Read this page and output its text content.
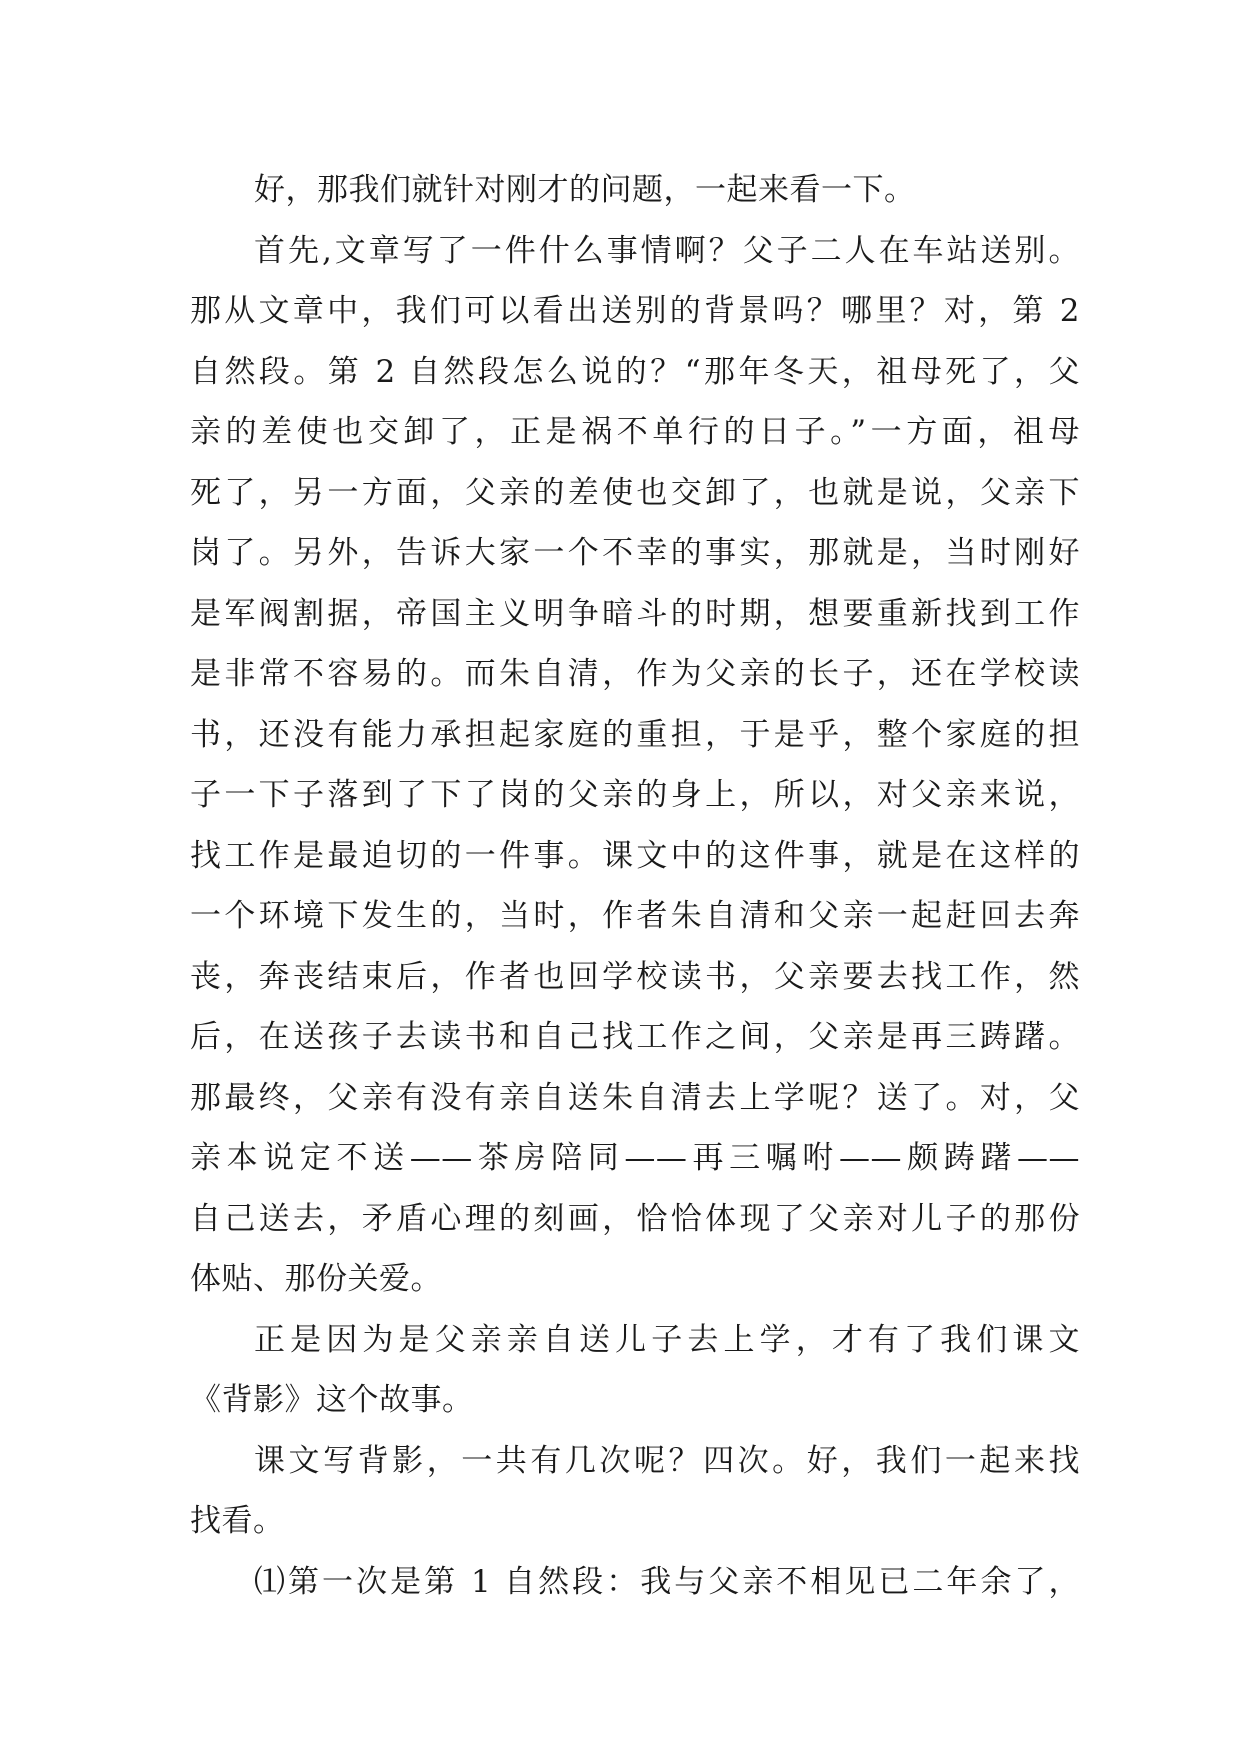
好，那我们就针对刚才的问题，一起来看一下。
首先,文章写了一件什么事情啊？父子二人在车站送别。
那从文章中，我们可以看出送别的背景吗？哪里？对，第 2
自然段。第 2 自然段怎么说的？“那年冬天，祖母死了，父
亲的差使也交卸了，正是祸不单行的日子。”一方面，祖母
死了，另一方面，父亲的差使也交卸了，也就是说，父亲下
岗了。另外，告诉大家一个不幸的事实，那就是，当时刚好
是军阀割据，帝国主义明争暗斗的时期，想要重新找到工作
是非常不容易的。而朱自清，作为父亲的长子，还在学校读
书，还没有能力承担起家庭的重担，于是乎，整个家庭的担
子一下子落到了下了岗的父亲的身上，所以，对父亲来说，
找工作是最迫切的一件事。课文中的这件事，就是在这样的
一个环境下发生的，当时，作者朱自清和父亲一起赶回去奔
丧，奔丧结束后，作者也回学校读书，父亲要去找工作，然
后，在送孩子去读书和自己找工作之间，父亲是再三踌躇。
那最终，父亲有没有亲自送朱自清去上学呢？送了。对，父
亲本说定不送——茶房陪同——再三嘱咐——颇踌躇——
自己送去，矛盾心理的刻画，恰恰体现了父亲对儿子的那份
体贴、那份关爱。
正是因为是父亲亲自送儿子去上学，才有了我们课文
《背影》这个故事。
课文写背影，一共有几次呢？四次。好，我们一起来找
找看。
⑴第一次是第 1 自然段：我与父亲不相见已二年余了，
